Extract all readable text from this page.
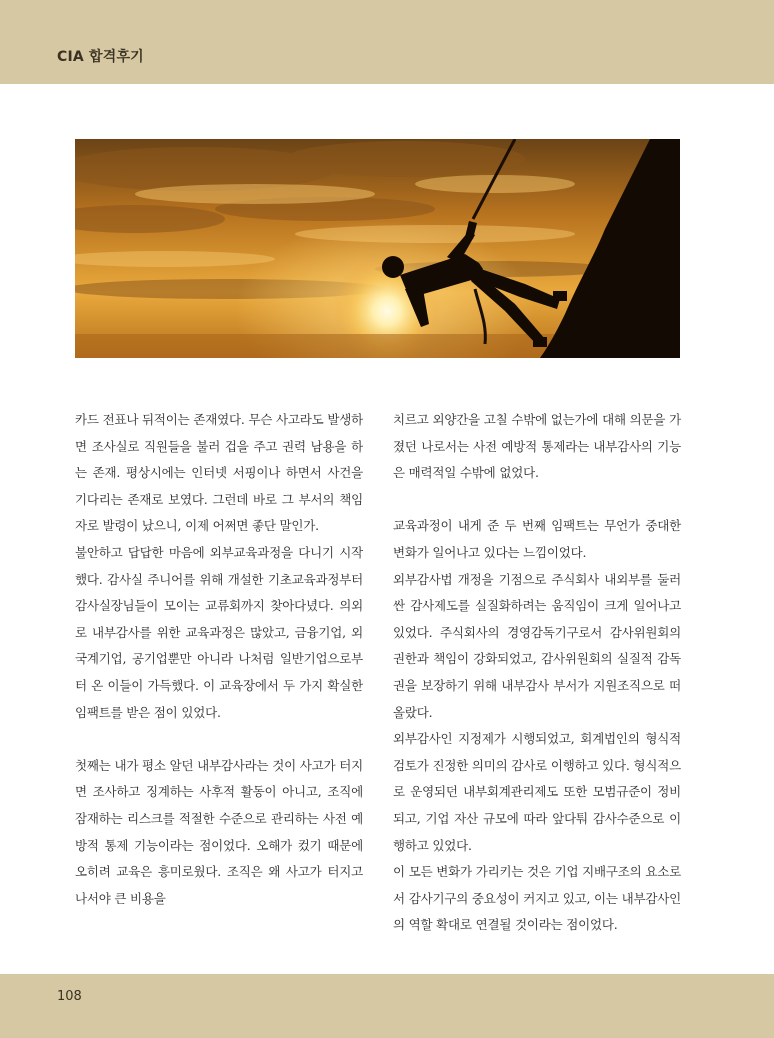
CIA 합격후기

카드 전표나 뒤적이는 존재였다. 무슨 사고라도 발생하면 조사실로 직원들을 불러 겁을 주고 권력 남용을 하는 존재. 평상시에는 인터넷 서핑이나 하면서 사건을 기다리는 존재로 보였다. 그런데 바로 그 부서의 책임자로 발령이 났으니, 이제 어쩌면 좋단 말인가.

불안하고 답답한 마음에 외부교육과정을 다니기 시작했다. 감사실 주니어를 위해 개설한 기초교육과정부터 감사실장님들이 모이는 교류회까지 찾아다녔다. 의외로 내부감사를 위한 교육과정은 많았고, 금융기업, 외국계기업, 공기업뿐만 아니라 나처럼 일반기업으로부터 온 이들이 가득했다. 이 교육장에서 두 가지 확실한 임팩트를 받은 점이 있었다.

첫째는 내가 평소 알던 내부감사라는 것이 사고가 터지면 조사하고 징계하는 사후적 활동이 아니고, 조직에 잠재하는 리스크를 적절한 수준으로 관리하는 사전 예방적 통제 기능이라는 점이었다. 오해가 컸기 때문에 오히려 교육은 흥미로웠다. 조직은 왜 사고가 터지고 나서야 큰 비용을

치르고 외양간을 고칠 수밖에 없는가에 대해 의문을 가졌던 나로서는 사전 예방적 통제라는 내부감사의 기능은 매력적일 수밖에 없었다.

교육과정이 내게 준 두 번째 임팩트는 무언가 중대한 변화가 일어나고 있다는 느낌이었다.

외부감사법 개정을 기점으로 주식회사 내외부를 둘러싼 감사제도를 실질화하려는 움직임이 크게 일어나고 있었다. 주식회사의 경영감독기구로서 감사위원회의 권한과 책임이 강화되었고, 감사위원회의 실질적 감독권을 보장하기 위해 내부감사 부서가 지원조직으로 떠올랐다.

외부감사인 지정제가 시행되었고, 회계법인의 형식적 검토가 진정한 의미의 감사로 이행하고 있다. 형식적으로 운영되던 내부회계관리제도 또한 모범규준이 정비되고, 기업 자산 규모에 따라 앞다퉈 감사수준으로 이행하고 있었다.

이 모든 변화가 가리키는 것은 기업 지배구조의 요소로서 감사기구의 중요성이 커지고 있고, 이는 내부감사인의 역할 확대로 연결될 것이라는 점이었다.

108
